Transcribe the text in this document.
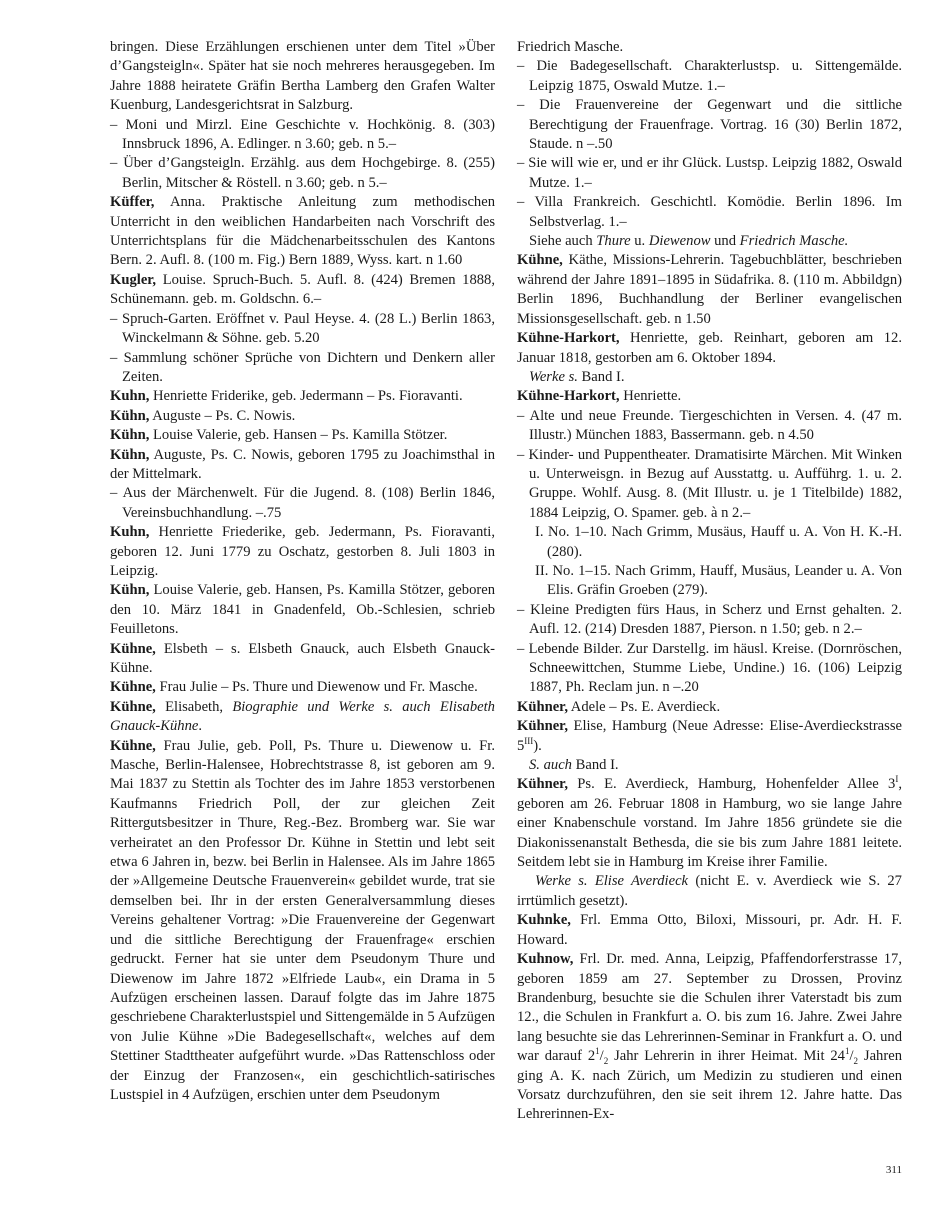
bringen. Diese Erzählungen erschienen unter dem Titel »Über d’Gangsteigln«. Später hat sie noch mehreres herausgegeben. Im Jahre 1888 heiratete Gräfin Bertha Lamberg den Grafen Walter Kuenburg, Landesgerichtsrat in Salzburg.

– Moni und Mirzl. Eine Geschichte v. Hochkönig. 8. (303) Innsbruck 1896, A. Edlinger. n 3.60; geb. n 5.–

– Über d’Gangsteigln. Erzählg. aus dem Hochgebirge. 8. (255) Berlin, Mitscher & Röstell. n 3.60; geb. n 5.–

Küffer, Anna. Praktische Anleitung zum methodischen Unterricht in den weiblichen Handarbeiten nach Vorschrift des Unterrichtsplans für die Mädchenarbeitsschulen des Kantons Bern. 2. Aufl. 8. (100 m. Fig.) Bern 1889, Wyss. kart. n 1.60

Kugler, Louise. Spruch-Buch. 5. Aufl. 8. (424) Bremen 1888, Schünemann. geb. m. Goldschn. 6.–

– Spruch-Garten. Eröffnet v. Paul Heyse. 4. (28 L.) Berlin 1863, Winckelmann & Söhne. geb. 5.20

– Sammlung schöner Sprüche von Dichtern und Denkern aller Zeiten.

Kuhn, Henriette Friderike, geb. Jedermann – Ps. Fioravanti.

Kühn, Auguste – Ps. C. Nowis.

Kühn, Louise Valerie, geb. Hansen – Ps. Kamilla Stötzer.

Kühn, Auguste, Ps. C. Nowis, geboren 1795 zu Joachimsthal in der Mittelmark.

– Aus der Märchenwelt. Für die Jugend. 8. (108) Berlin 1846, Vereinsbuchhandlung. –.75

Kuhn, Henriette Friederike, geb. Jedermann, Ps. Fioravanti, geboren 12. Juni 1779 zu Oschatz, gestorben 8. Juli 1803 in Leipzig.

Kühn, Louise Valerie, geb. Hansen, Ps. Kamilla Stötzer, geboren den 10. März 1841 in Gnadenfeld, Ob.-Schlesien, schrieb Feuilletons.

Kühne, Elsbeth – s. Elsbeth Gnauck, auch Elsbeth Gnauck-Kühne.

Kühne, Frau Julie – Ps. Thure und Diewenow und Fr. Masche.

Kühne, Elisabeth, Biographie und Werke s. auch Elisabeth Gnauck-Kühne.

Kühne, Frau Julie, geb. Poll, Ps. Thure u. Diewenow u. Fr. Masche, Berlin-Halensee, Hobrechtstrasse 8, ist geboren am 9. Mai 1837 zu Stettin als Tochter des im Jahre 1853 verstorbenen Kaufmanns Friedrich Poll, der zur gleichen Zeit Rittergutsbesitzer in Thure, Reg.-Bez. Bromberg war. Sie war verheiratet an den Professor Dr. Kühne in Stettin und lebt seit etwa 6 Jahren in, bezw. bei Berlin in Halensee. Als im Jahre 1865 der »Allgemeine Deutsche Frauenverein« gebildet wurde, trat sie demselben bei. Ihr in der ersten Generalversammlung dieses Vereins gehaltener Vortrag: »Die Frauenvereine der Gegenwart und die sittliche Berechtigung der Frauenfrage« erschien gedruckt. Ferner hat sie unter dem Pseudonym Thure und Diewenow im Jahre 1872 »Elfriede Laub«, ein Drama in 5 Aufzügen erscheinen lassen. Darauf folgte das im Jahre 1875 geschriebene Charakterlustspiel und Sittengemälde in 5 Aufzügen von Julie Kühne »Die Badegesellschaft«, welches auf dem Stettiner Stadttheater aufgeführt wurde. »Das Rattenschloss oder der Einzug der Franzosen«, ein geschichtlich-satirisches Lustspiel in 4 Aufzügen, erschien unter dem Pseudonym

Friedrich Masche.

– Die Badegesellschaft. Charakterlustsp. u. Sittengemälde. Leipzig 1875, Oswald Mutze. 1.–

– Die Frauenvereine der Gegenwart und die sittliche Berechtigung der Frauenfrage. Vortrag. 16 (30) Berlin 1872, Staude. n –.50

– Sie will wie er, und er ihr Glück. Lustsp. Leipzig 1882, Oswald Mutze. 1.–

– Villa Frankreich. Geschichtl. Komödie. Berlin 1896. Im Selbstverlag. 1.–

Siehe auch Thure u. Diewenow und Friedrich Masche.

Kühne, Käthe, Missions-Lehrerin. Tagebuchblätter, beschrieben während der Jahre 1891–1895 in Südafrika. 8. (110 m. Abbildgn) Berlin 1896, Buchhandlung der Berliner evangelischen Missionsgesellschaft. geb. n 1.50

Kühne-Harkort, Henriette, geb. Reinhart, geboren am 12. Januar 1818, gestorben am 6. Oktober 1894.

Werke s. Band I.

Kühne-Harkort, Henriette.

– Alte und neue Freunde. Tiergeschichten in Versen. 4. (47 m. Illustr.) München 1883, Bassermann. geb. n 4.50

– Kinder- und Puppentheater. Dramatisirte Märchen. Mit Winken u. Unterweisgn. in Bezug auf Ausstattg. u. Aufführg. 1. u. 2. Gruppe. Wohlf. Ausg. 8. (Mit Illustr. u. je 1 Titelbilde) 1882, 1884 Leipzig, O. Spamer. geb. à n 2.–

I. No. 1–10. Nach Grimm, Musäus, Hauff u. A. Von H. K.-H. (280).

II. No. 1–15. Nach Grimm, Hauff, Musäus, Leander u. A. Von Elis. Gräfin Groeben (279).

– Kleine Predigten fürs Haus, in Scherz und Ernst gehalten. 2. Aufl. 12. (214) Dresden 1887, Pierson. n 1.50; geb. n 2.–

– Lebende Bilder. Zur Darstellg. im häusl. Kreise. (Dornröschen, Schneewittchen, Stumme Liebe, Undine.) 16. (106) Leipzig 1887, Ph. Reclam jun. n –.20

Kühner, Adele – Ps. E. Averdieck.

Kühner, Elise, Hamburg (Neue Adresse: Elise-Averdieckstrasse $5^{III}$).

S. auch Band I.

Kühner, Ps. E. Averdieck, Hamburg, Hohenfelder Allee $3^I$, geboren am 26. Februar 1808 in Hamburg, wo sie lange Jahre einer Knabenschule vorstand. Im Jahre 1856 gründete sie die Diakonissenanstalt Bethesda, die sie bis zum Jahre 1881 leitete. Seitdem lebt sie in Hamburg im Kreise ihrer Familie.

Werke s. Elise Averdieck (nicht E. v. Averdieck wie S. 27 irrtümlich gesetzt).

Kuhnke, Frl. Emma Otto, Biloxi, Missouri, pr. Adr. H. F. Howard.

Kuhnow, Frl. Dr. med. Anna, Leipzig, Pfaffendorferstrasse 17, geboren 1859 am 27. September zu Drossen, Provinz Brandenburg, besuchte sie die Schulen ihrer Vaterstadt bis zum 12., die Schulen in Frankfurt a. O. bis zum 16. Jahre. Zwei Jahre lang besuchte sie das Lehrerinnen-Seminar in Frankfurt a. O. und war darauf $2^1/_2$ Jahr Lehrerin in ihrer Heimat. Mit $24^1/_2$ Jahren ging A. K. nach Zürich, um Medizin zu studieren und einen Vorsatz durchzuführen, den sie seit ihrem 12. Jahre hatte. Das Lehrerinnen-Ex-

311
